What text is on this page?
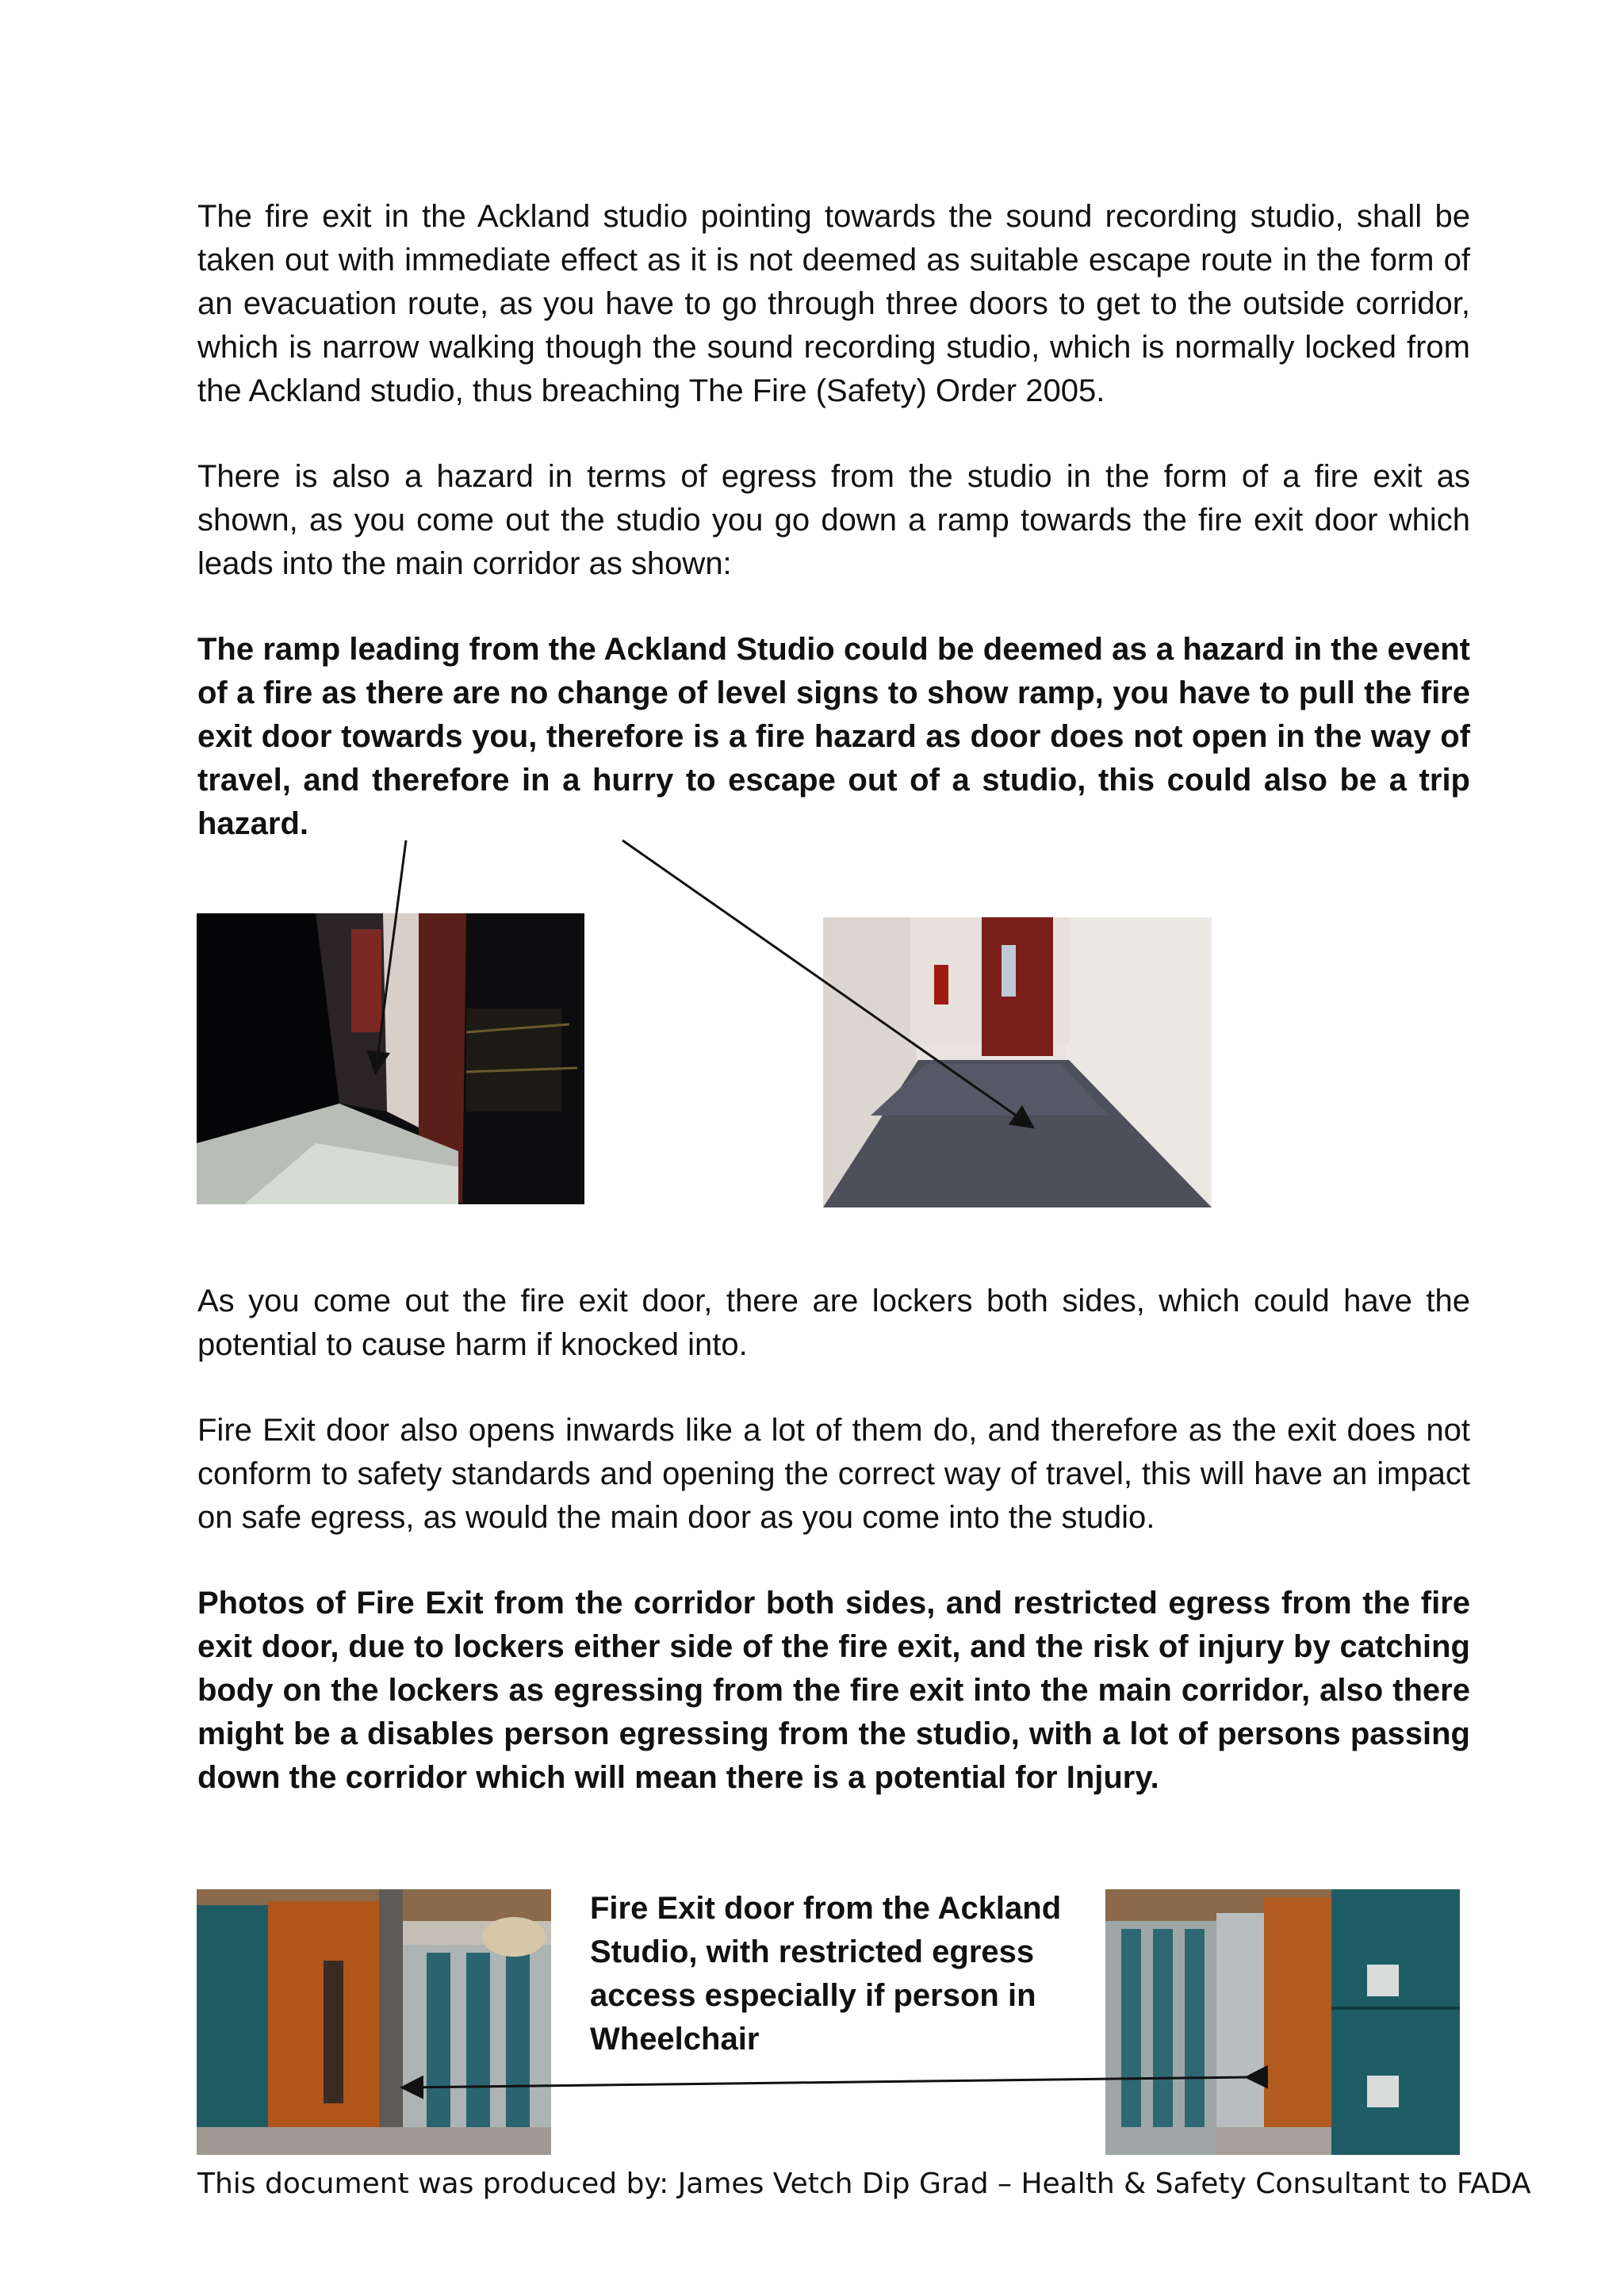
The fire exit in the Ackland studio pointing towards the sound recording studio, shall be taken out with immediate effect as it is not deemed as suitable escape route in the form of an evacuation route, as you have to go through three doors to get to the outside corridor, which is narrow walking though the sound recording studio, which is normally locked from the Ackland studio, thus breaching The Fire (Safety) Order 2005.

There is also a hazard in terms of egress from the studio in the form of a fire exit as shown, as you come out the studio you go down a ramp towards the fire exit door which leads into the main corridor as shown:

The ramp leading from the Ackland Studio could be deemed as a hazard in the event of a fire as there are no change of level signs to show ramp, you have to pull the fire exit door towards you, therefore is a fire hazard as door does not open in the way of travel, and therefore in a hurry to escape out of a studio, this could also be a trip hazard.

As you come out the fire exit door, there are lockers both sides, which could have the potential to cause harm if knocked into.

Fire Exit door also opens inwards like a lot of them do, and therefore as the exit does not conform to safety standards and opening the correct way of travel, this will have an impact on safe egress, as would the main door as you come into the studio.

Photos of Fire Exit from the corridor both sides, and restricted egress from the fire exit door, due to lockers either side of the fire exit, and the risk of injury by catching body on the lockers as egressing from the fire exit into the main corridor, also there might be a disables person egressing from the studio, with a lot of persons passing down the corridor which will mean there is a potential for Injury.

Fire Exit door from the Ackland Studio, with restricted egress access especially if person in Wheelchair

This document was produced by: James Vetch Dip Grad – Health & Safety Consultant to FADA
